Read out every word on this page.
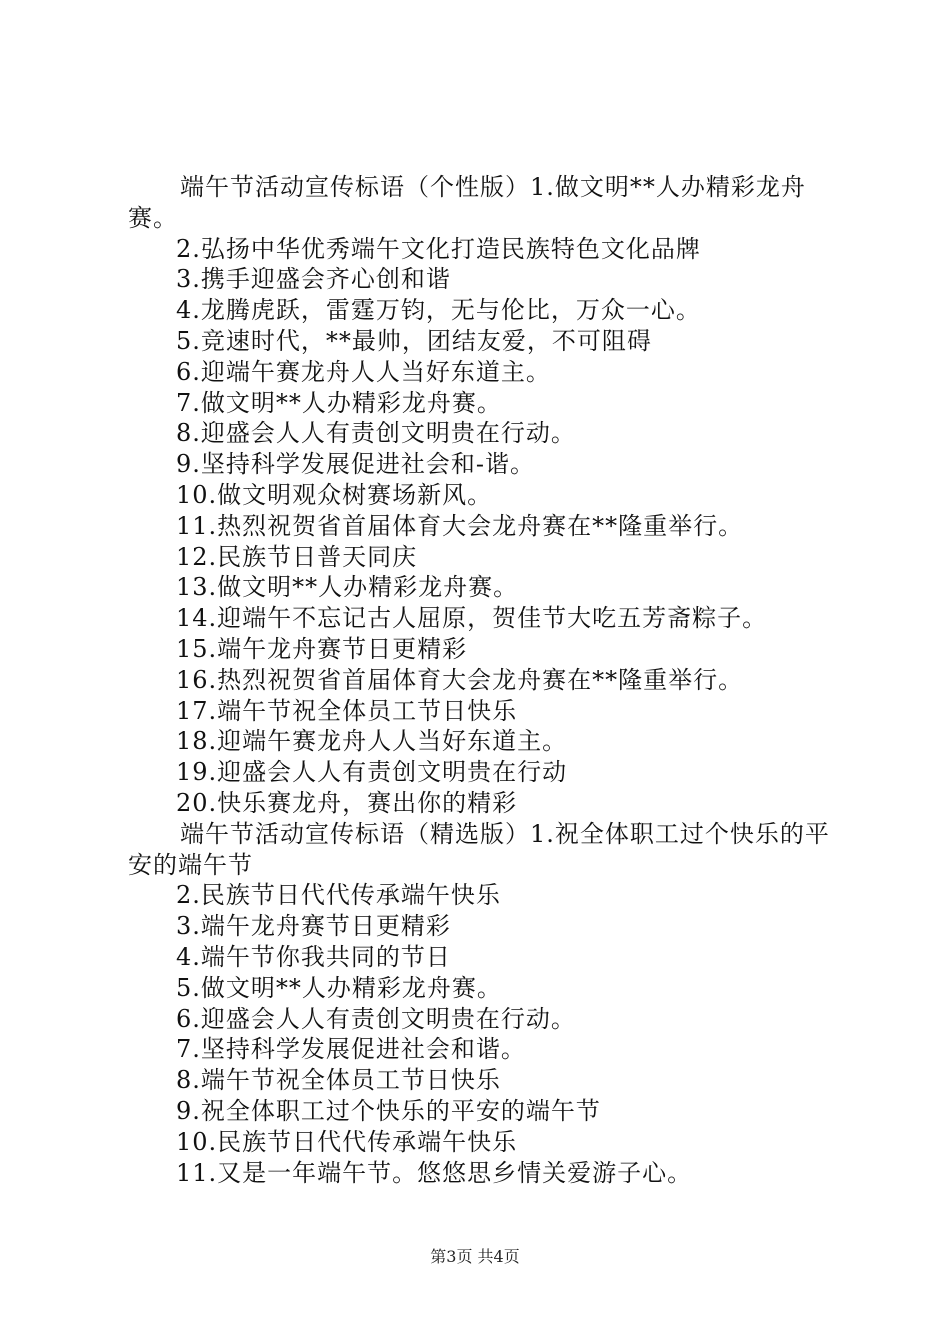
端午节活动宣传标语（个性版）1.做文明**人办精彩龙舟赛。

2.弘扬中华优秀端午文化打造民族特色文化品牌

3.携手迎盛会齐心创和谐

4.龙腾虎跃，雷霆万钧，无与伦比，万众一心。

5.竞速时代，**最帅，团结友爱，不可阻碍

6.迎端午赛龙舟人人当好东道主。

7.做文明**人办精彩龙舟赛。

8.迎盛会人人有责创文明贵在行动。

9.坚持科学发展促进社会和-谐。

10.做文明观众树赛场新风。

11.热烈祝贺省首届体育大会龙舟赛在**隆重举行。

12.民族节日普天同庆

13.做文明**人办精彩龙舟赛。

14.迎端午不忘记古人屈原，贺佳节大吃五芳斋粽子。

15.端午龙舟赛节日更精彩

16.热烈祝贺省首届体育大会龙舟赛在**隆重举行。

17.端午节祝全体员工节日快乐

18.迎端午赛龙舟人人当好东道主。

19.迎盛会人人有责创文明贵在行动

20.快乐赛龙舟，赛出你的精彩

端午节活动宣传标语（精选版）1.祝全体职工过个快乐的平安的端午节

2.民族节日代代传承端午快乐

3.端午龙舟赛节日更精彩

4.端午节你我共同的节日

5.做文明**人办精彩龙舟赛。

6.迎盛会人人有责创文明贵在行动。

7.坚持科学发展促进社会和谐。

8.端午节祝全体员工节日快乐

9.祝全体职工过个快乐的平安的端午节

10.民族节日代代传承端午快乐

11.又是一年端午节。悠悠思乡情关爱游子心。

第3页 共4页
